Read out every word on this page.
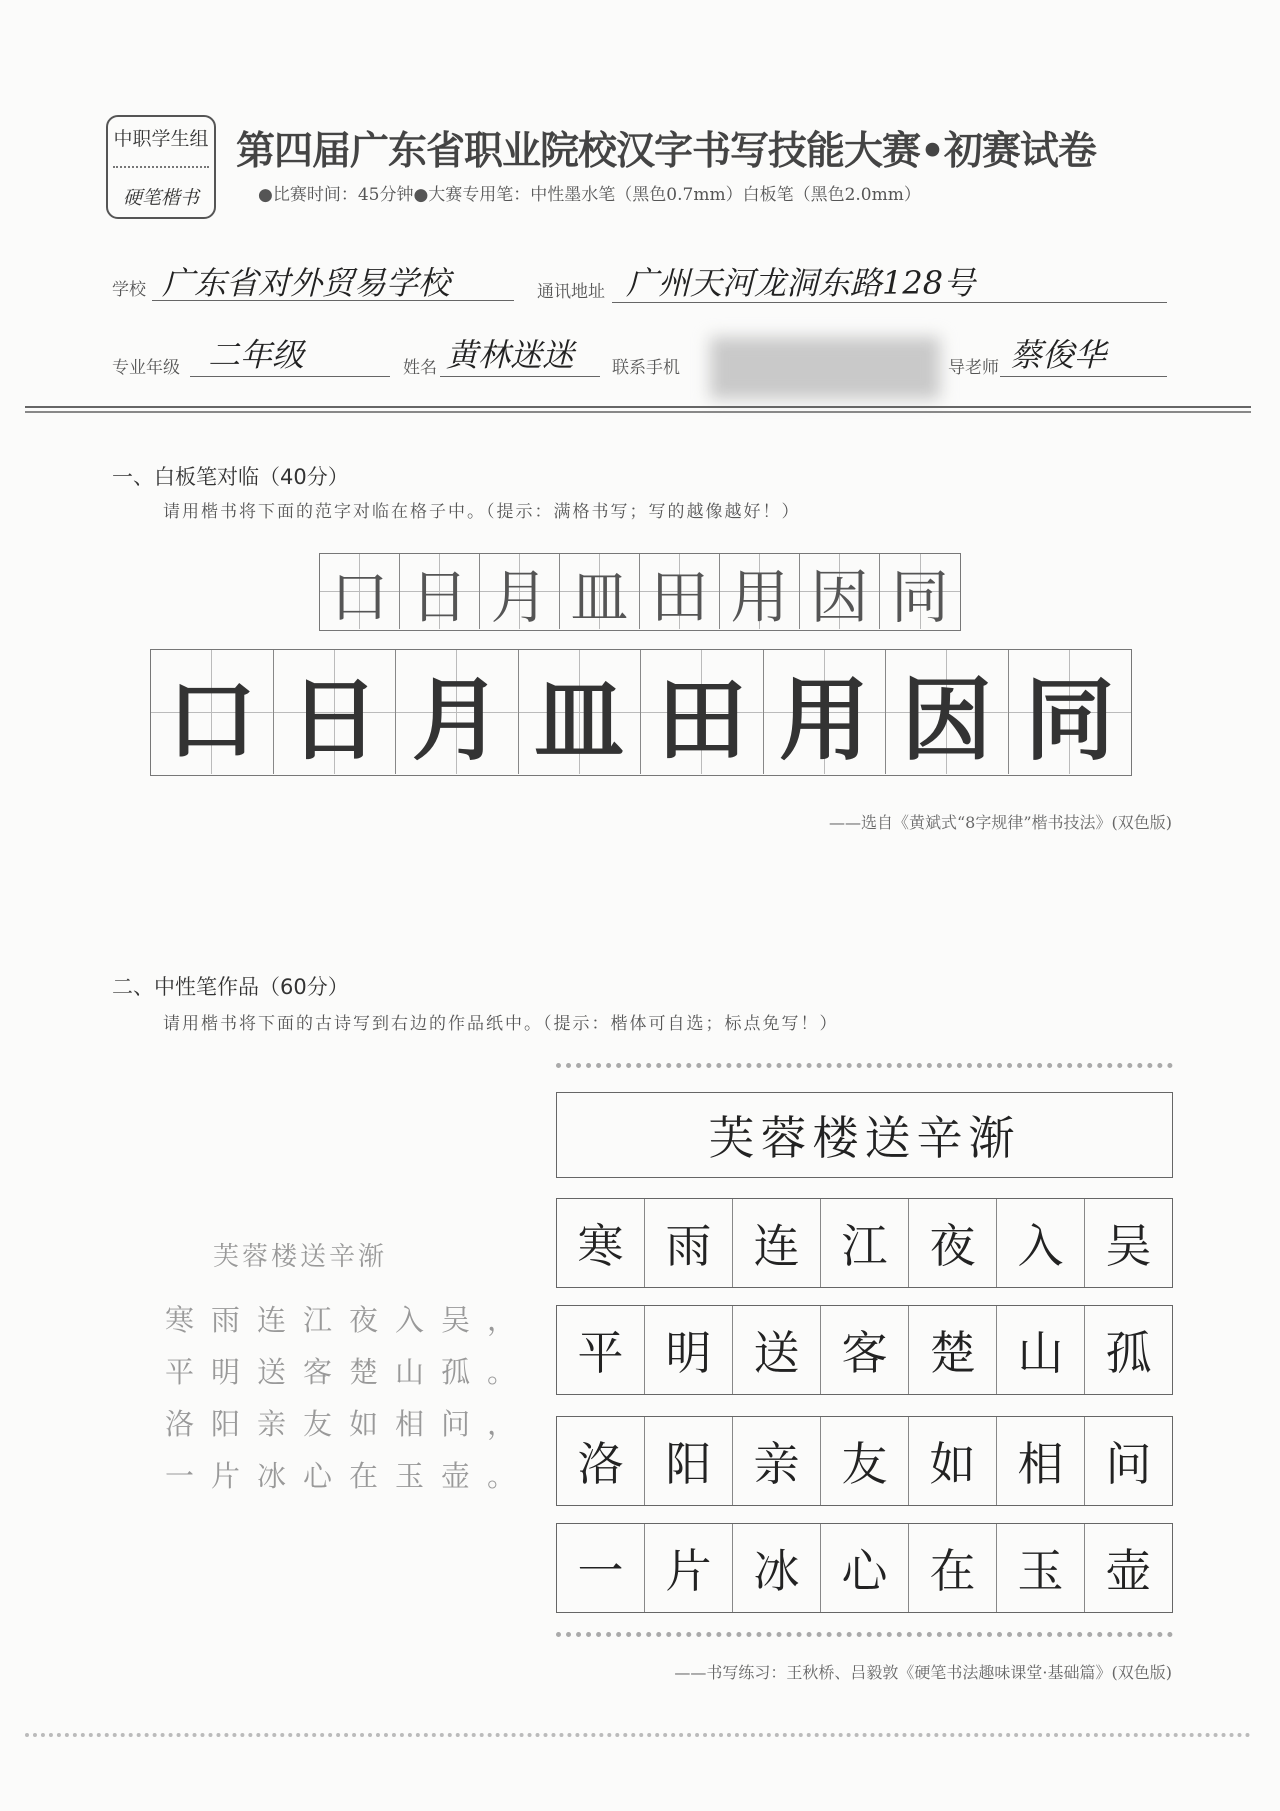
中职学生组
硬笔楷书
第四届广东省职业院校汉字书写技能大赛•初赛试卷
●比赛时间：45分钟●大赛专用笔：中性墨水笔（黑色0.7mm）白板笔（黑色2.0mm）
学校 广东省对外贸易学校	通讯地址 广州天河龙洞东路128号
专业年级 二年级	姓名 黄林迷迷 联系手机	导老师 蔡俊华
一、白板笔对临（40分）
请用楷书将下面的范字对临在格子中。（提示：满格书写；写的越像越好！）
口 日 月 皿 田 用 因 同
口 日 月 皿 田 用 因 同
——选自《黄斌式“8字规律”楷书技法》(双色版)
二、中性笔作品（60分）
请用楷书将下面的古诗写到右边的作品纸中。（提示：楷体可自选；标点免写！）
芙蓉楼送辛渐
寒雨连江夜入吴，
平明送客楚山孤。
洛阳亲友如相问，
一片冰心在玉壶。
芙蓉楼送辛渐
寒 雨 连 江 夜 入 吴
平 明 送 客 楚 山 孤
洛 阳 亲 友 如 相 问
一 片 冰 心 在 玉 壶
——书写练习：王秋桥、吕毅敦《硬笔书法趣味课堂·基础篇》(双色版)
